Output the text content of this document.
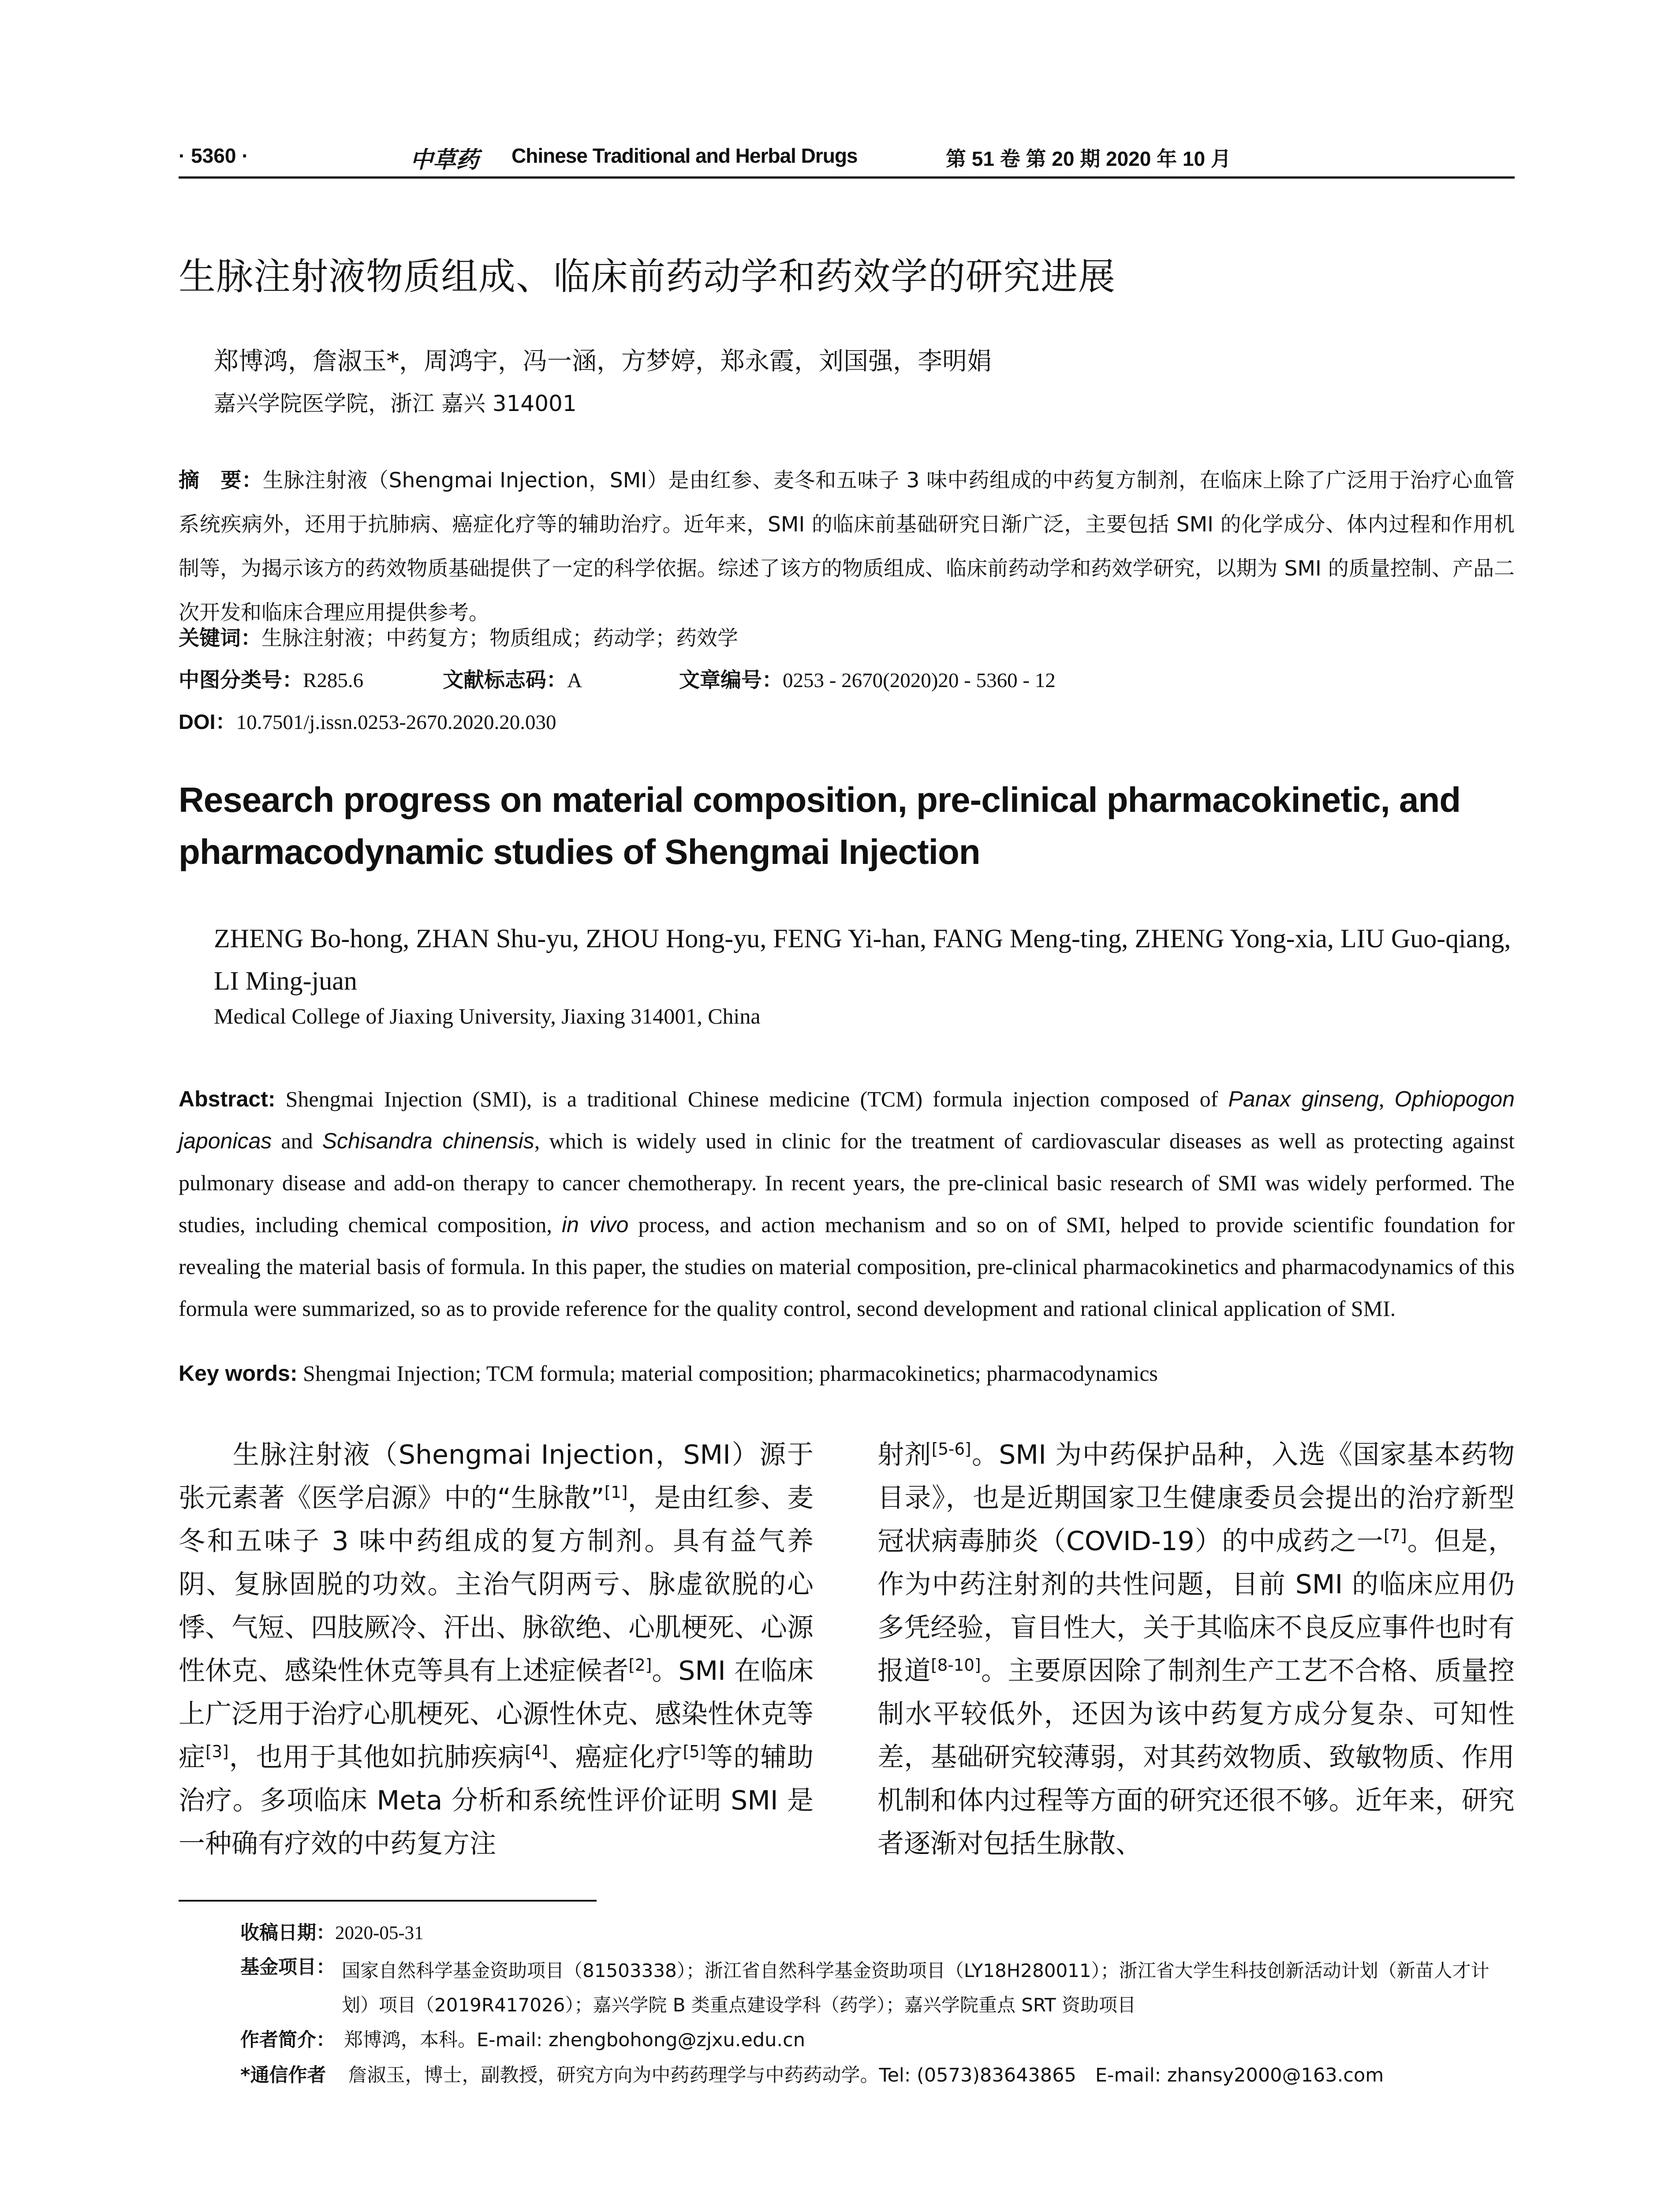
· 5360 ·	中草药 Chinese Traditional and Herbal Drugs	第 51 卷 第 20 期 2020 年 10 月
生脉注射液物质组成、临床前药动学和药效学的研究进展
郑博鸿，詹淑玉*，周鸿宇，冯一涵，方梦婷，郑永霞，刘国强，李明娟
嘉兴学院医学院，浙江 嘉兴 314001
摘　要：生脉注射液（Shengmai Injection，SMI）是由红参、麦冬和五味子 3 味中药组成的中药复方制剂，在临床上除了广泛用于治疗心血管系统疾病外，还用于抗肺病、癌症化疗等的辅助治疗。近年来，SMI 的临床前基础研究日渐广泛，主要包括 SMI 的化学成分、体内过程和作用机制等，为揭示该方的药效物质基础提供了一定的科学依据。综述了该方的物质组成、临床前药动学和药效学研究，以期为 SMI 的质量控制、产品二次开发和临床合理应用提供参考。
关键词：生脉注射液；中药复方；物质组成；药动学；药效学
中图分类号：R285.6	文献标志码：A	文章编号：0253 - 2670(2020)20 - 5360 - 12
DOI：10.7501/j.issn.0253-2670.2020.20.030
Research progress on material composition, pre-clinical pharmacokinetic, and pharmacodynamic studies of Shengmai Injection
ZHENG Bo-hong, ZHAN Shu-yu, ZHOU Hong-yu, FENG Yi-han, FANG Meng-ting, ZHENG Yong-xia, LIU Guo-qiang, LI Ming-juan
Medical College of Jiaxing University, Jiaxing 314001, China
Abstract: Shengmai Injection (SMI), is a traditional Chinese medicine (TCM) formula injection composed of Panax ginseng, Ophiopogon japonicas and Schisandra chinensis, which is widely used in clinic for the treatment of cardiovascular diseases as well as protecting against pulmonary disease and add-on therapy to cancer chemotherapy. In recent years, the pre-clinical basic research of SMI was widely performed. The studies, including chemical composition, in vivo process, and action mechanism and so on of SMI, helped to provide scientific foundation for revealing the material basis of formula. In this paper, the studies on material composition, pre-clinical pharmacokinetics and pharmacodynamics of this formula were summarized, so as to provide reference for the quality control, second development and rational clinical application of SMI.
Key words: Shengmai Injection; TCM formula; material composition; pharmacokinetics; pharmacodynamics
生脉注射液（Shengmai Injection，SMI）源于张元素著《医学启源》中的“生脉散”[1]，是由红参、麦冬和五味子 3 味中药组成的复方制剂。具有益气养阴、复脉固脱的功效。主治气阴两亏、脉虚欲脱的心悸、气短、四肢厥冷、汗出、脉欲绝、心肌梗死、心源性休克、感染性休克等具有上述症候者[2]。SMI 在临床上广泛用于治疗心肌梗死、心源性休克、感染性休克等症[3]，也用于其他如抗肺疾病[4]、癌症化疗[5]等的辅助治疗。多项临床 Meta 分析和系统性评价证明 SMI 是一种确有疗效的中药复方注
射剂[5-6]。SMI 为中药保护品种，入选《国家基本药物目录》，也是近期国家卫生健康委员会提出的治疗新型冠状病毒肺炎（COVID-19）的中成药之一[7]。但是，作为中药注射剂的共性问题，目前 SMI 的临床应用仍多凭经验，盲目性大，关于其临床不良反应事件也时有报道[8-10]。主要原因除了制剂生产工艺不合格、质量控制水平较低外，还因为该中药复方成分复杂、可知性差，基础研究较薄弱，对其药效物质、致敏物质、作用机制和体内过程等方面的研究还很不够。近年来，研究者逐渐对包括生脉散、
收稿日期：2020-05-31
基金项目： 国家自然科学基金资助项目（81503338）；浙江省自然科学基金资助项目（LY18H280011）；浙江省大学生科技创新活动计划（新苗人才计划）项目（2019R417026）；嘉兴学院 B 类重点建设学科（药学）；嘉兴学院重点 SRT 资助项目
作者简介： 郑博鸿，本科。E-mail: zhengbohong@zjxu.edu.cn
*通信作者 詹淑玉，博士，副教授，研究方向为中药药理学与中药药动学。Tel: (0573)83643865　E-mail: zhansy2000@163.com
